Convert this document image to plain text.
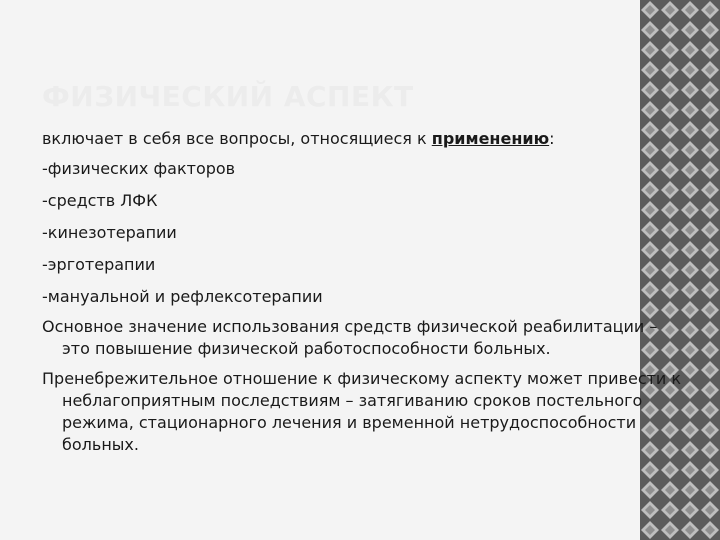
ФИЗИЧЕСКИЙ АСПЕКТ
включает в себя все вопросы, относящиеся к применению:
-физических факторов
-средств ЛФК
-кинезотерапии
-эрготерапии
-мануальной и рефлексотерапии
Основное значение использования средств физической реабилитации – это повышение физической работоспособности больных.
Пренебрежительное отношение к физическому аспекту может привести к неблагоприятным последствиям – затягиванию сроков постельного режима, стационарного лечения и временной нетрудоспособности больных.
